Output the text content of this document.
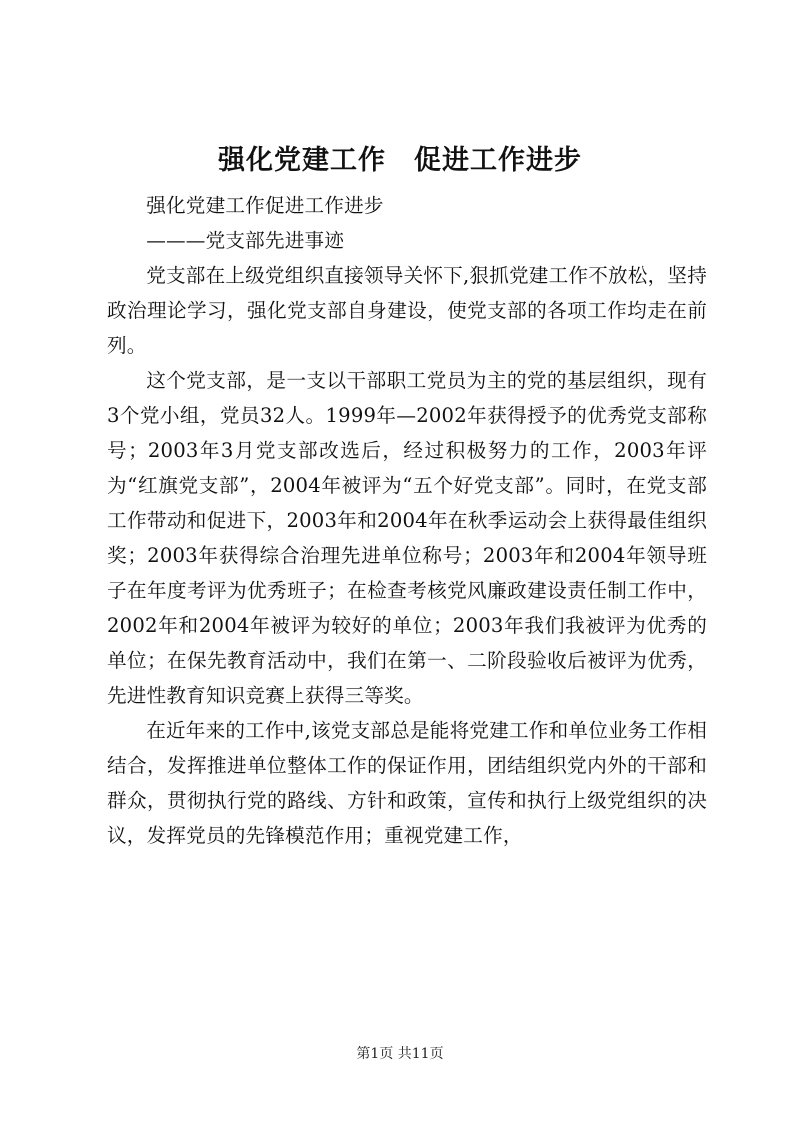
强化党建工作　促进工作进步

强化党建工作促进工作进步

———党支部先进事迹

党支部在上级党组织直接领导关怀下,狠抓党建工作不放松，坚持政治理论学习，强化党支部自身建设，使党支部的各项工作均走在前列。

这个党支部，是一支以干部职工党员为主的党的基层组织，现有3个党小组，党员32人。1999年—2002年获得授予的优秀党支部称号；2003年3月党支部改选后，经过积极努力的工作，2003年评为“红旗党支部”，2004年被评为“五个好党支部”。同时，在党支部工作带动和促进下，2003年和2004年在秋季运动会上获得最佳组织奖；2003年获得综合治理先进单位称号；2003年和2004年领导班子在年度考评为优秀班子；在检查考核党风廉政建设责任制工作中，2002年和2004年被评为较好的单位；2003年我们我被评为优秀的单位；在保先教育活动中，我们在第一、二阶段验收后被评为优秀，先进性教育知识竞赛上获得三等奖。

在近年来的工作中,该党支部总是能将党建工作和单位业务工作相结合，发挥推进单位整体工作的保证作用，团结组织党内外的干部和群众，贯彻执行党的路线、方针和政策，宣传和执行上级党组织的决议，发挥党员的先锋模范作用；重视党建工作，

第1页 共11页
